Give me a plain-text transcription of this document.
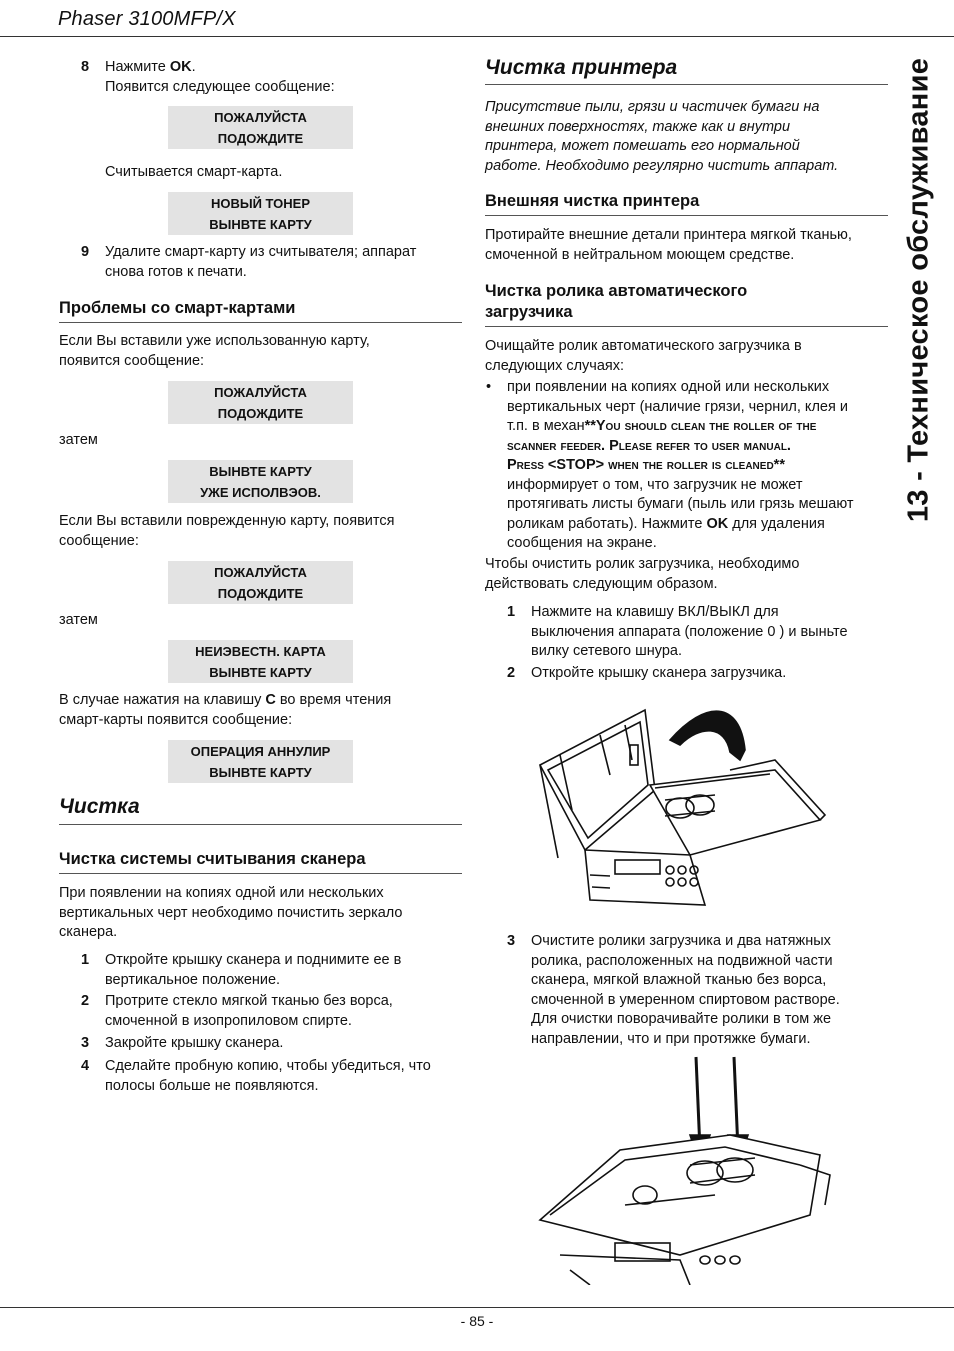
Phaser 3100MFP/X
13 - Техническое обслуживание
- 85 -
8 Нажмите OK.
Появится следующее сообщение:
ПОЖАЛУЙСТА
ПОДОЖДИТЕ
Считывается смарт-карта.
НОВЫЙ ТОНЕР
ВЫНВТЕ КАРТУ
9 Удалите смарт-карту из считывателя; аппарат
снова готов к печати.
Проблемы со смарт-картами
Если Вы вставили уже использованную карту,
появится сообщение:
ПОЖАЛУЙСТА
ПОДОЖДИТЕ
затем
ВЫНВТЕ КАРТУ
УЖЕ ИСПОЛВЭОВ.
Если Вы вставили поврежденную карту, появится
сообщение:
ПОЖАЛУЙСТА
ПОДОЖДИТЕ
затем
НЕИЭВЕСТН. КАРТА
ВЫНВТЕ КАРТУ
В случае нажатия на клавишу C во время чтения
смарт-карты появится сообщение:
ОПЕРАЦИЯ АННУЛИР
ВЫНВТЕ КАРТУ
Чистка
Чистка системы считывания сканера
При появлении на копиях одной или нескольких
вертикальных черт необходимо почистить зеркало
сканера.
1 Откройте крышку сканера и поднимите ее в
вертикальное положение.
2 Протрите стекло мягкой тканью без ворса,
смоченной в изопропиловом спирте.
3 Закройте крышку сканера.
4 Сделайте пробную копию, чтобы убедиться, что
полосы больше не появляются.
Чистка принтера
Присутствие пыли, грязи и частичек бумаги на
внешних поверхностях, также как и внутри
принтера, может помешать его нормальной
работе. Необходимо регулярно чистить аппарат.
Внешняя чистка принтера
Протирайте внешние детали принтера мягкой тканью,
смоченной в нейтральном моющем средстве.
Чистка ролика автоматического
загрузчика
Очищайте ролик автоматического загрузчика в
следующих случаях:
• при появлении на копиях одной или нескольких
вертикальных черт (наличие грязи, чернил, клея и
т.п. в механ**You should clean the roller of the
scanner feeder. Please refer to user manual.
Press <STOP> when the roller is cleaned**
информирует о том, что загрузчик не может
протягивать листы бумаги (пыль или грязь мешают
роликам работать). Нажмите OK для удаления
сообщения на экране.
Чтобы очистить ролик загрузчика, необходимо
действовать следующим образом.
1 Нажмите на клавишу ВКЛ/ВЫКЛ для
выключения аппарата (положение 0 ) и выньте
вилку сетевого шнура.
2 Откройте крышку сканера загрузчика.
3 Очистите ролики загрузчика и два натяжных
ролика, расположенных на подвижной части
сканера, мягкой влажной тканью без ворса,
смоченной в умеренном спиртовом растворе.
Для очистки поворачивайте ролики в том же
направлении, что и при протяжке бумаги.
